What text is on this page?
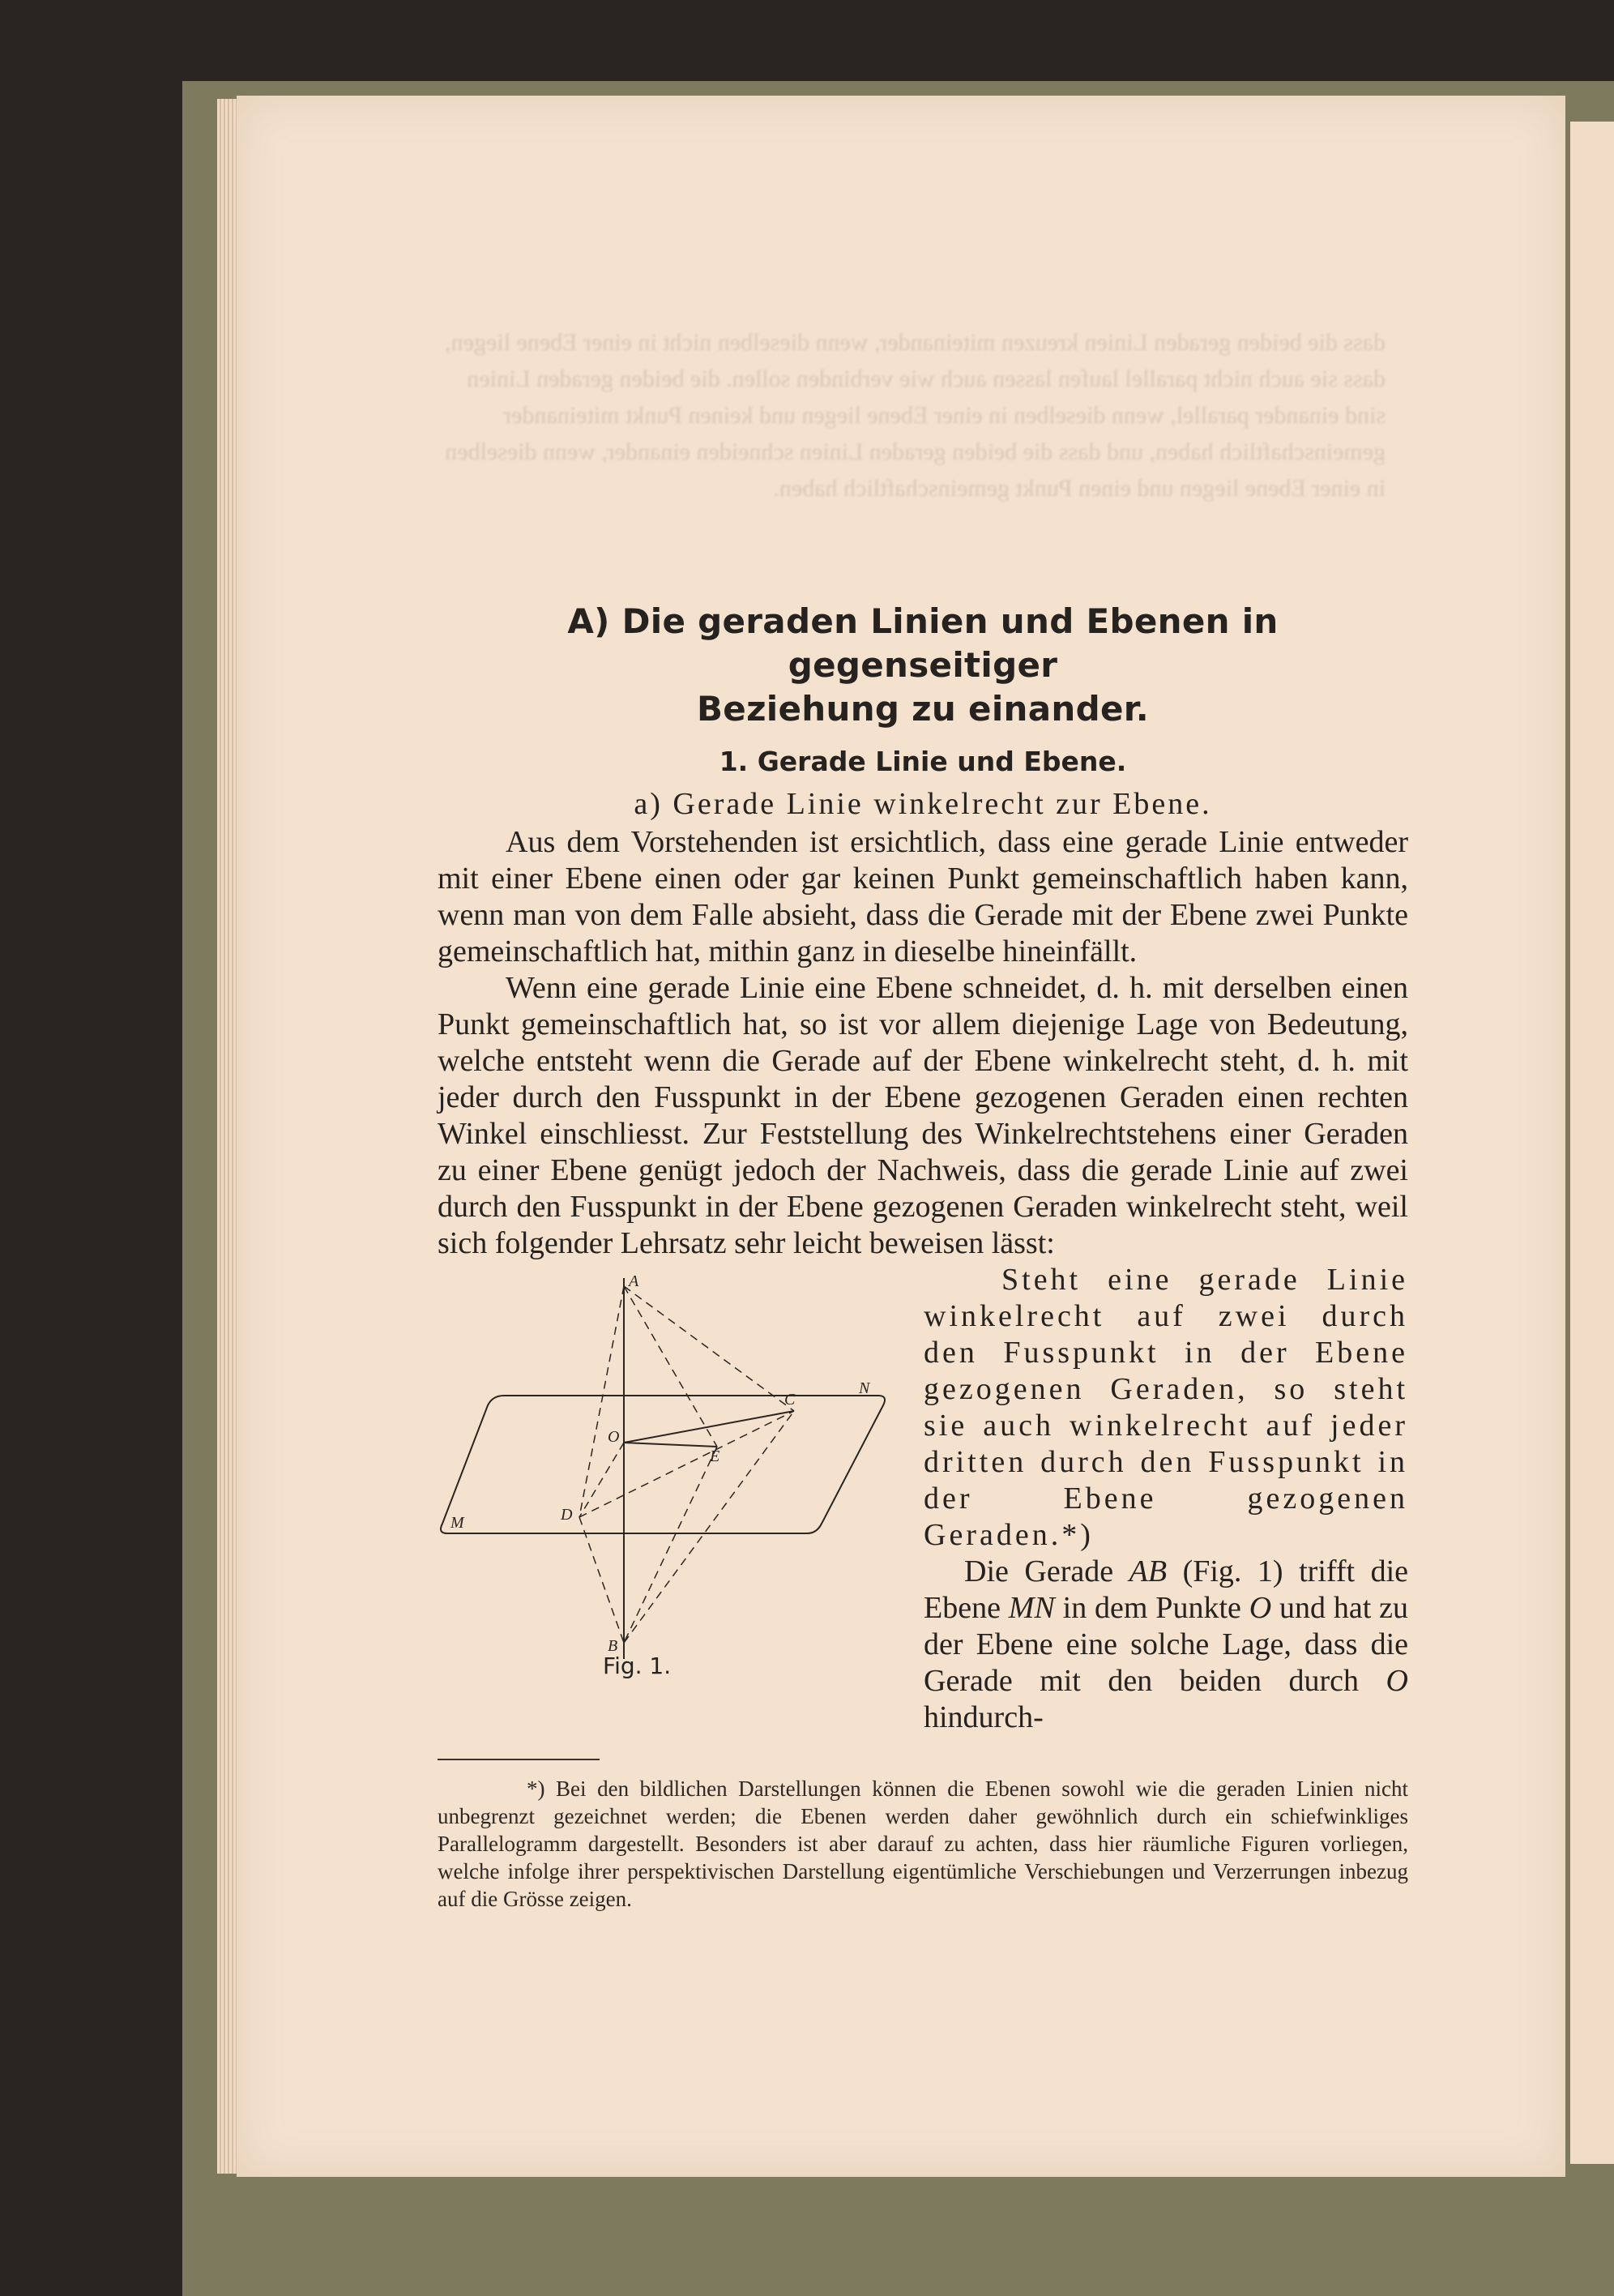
dass die beiden geraden Linien kreuzen miteinander, wenn dieselben nicht in einer Ebene liegen, dass sie auch nicht parallel laufen lassen auch wie verbinden sollen. die beiden geraden Linien sind einander parallel, wenn dieselben in einer Ebene liegen und keinen Punkt miteinander gemeinschaftlich haben, und dass die beiden geraden Linien schneiden einander, wenn dieselben in einer Ebene liegen und einen Punkt gemeinschaftlich haben.

A) Die geraden Linien und Ebenen in gegenseitiger
Beziehung zu einander.

1. Gerade Linie und Ebene.

a) Gerade Linie winkelrecht zur Ebene.

Aus dem Vorstehenden ist ersichtlich, dass eine gerade Linie entweder mit einer Ebene einen oder gar keinen Punkt gemeinschaftlich haben kann, wenn man von dem Falle absieht, dass die Gerade mit der Ebene zwei Punkte gemeinschaftlich hat, mithin ganz in dieselbe hineinfällt.

Wenn eine gerade Linie eine Ebene schneidet, d. h. mit derselben einen Punkt gemeinschaftlich hat, so ist vor allem diejenige Lage von Bedeutung, welche entsteht wenn die Gerade auf der Ebene winkelrecht steht, d. h. mit jeder durch den Fusspunkt in der Ebene gezogenen Geraden einen rechten Winkel einschliesst. Zur Feststellung des Winkelrechtstehens einer Geraden zu einer Ebene genügt jedoch der Nachweis, dass die gerade Linie auf zwei durch den Fusspunkt in der Ebene gezogenen Geraden winkelrecht steht, weil sich folgender Lehrsatz sehr leicht beweisen lässt:

A
B
C
D
E
M
N
O
Fig. 1.

Steht eine gerade Linie winkelrecht auf zwei durch den Fusspunkt in der Ebene gezogenen Geraden, so steht sie auch winkelrecht auf jeder dritten durch den Fusspunkt in der Ebene gezogenen Geraden.*)

Die Gerade AB (Fig. 1) trifft die Ebene MN in dem Punkte O und hat zu der Ebene eine solche Lage, dass die Gerade mit den beiden durch O hindurch-

*) Bei den bildlichen Darstellungen können die Ebenen sowohl wie die geraden Linien nicht unbegrenzt gezeichnet werden; die Ebenen werden daher gewöhnlich durch ein schiefwinkliges Parallelogramm dargestellt. Besonders ist aber darauf zu achten, dass hier räumliche Figuren vorliegen, welche infolge ihrer perspektivischen Darstellung eigentümliche Verschiebungen und Verzerrungen inbezug auf die Grösse zeigen.
